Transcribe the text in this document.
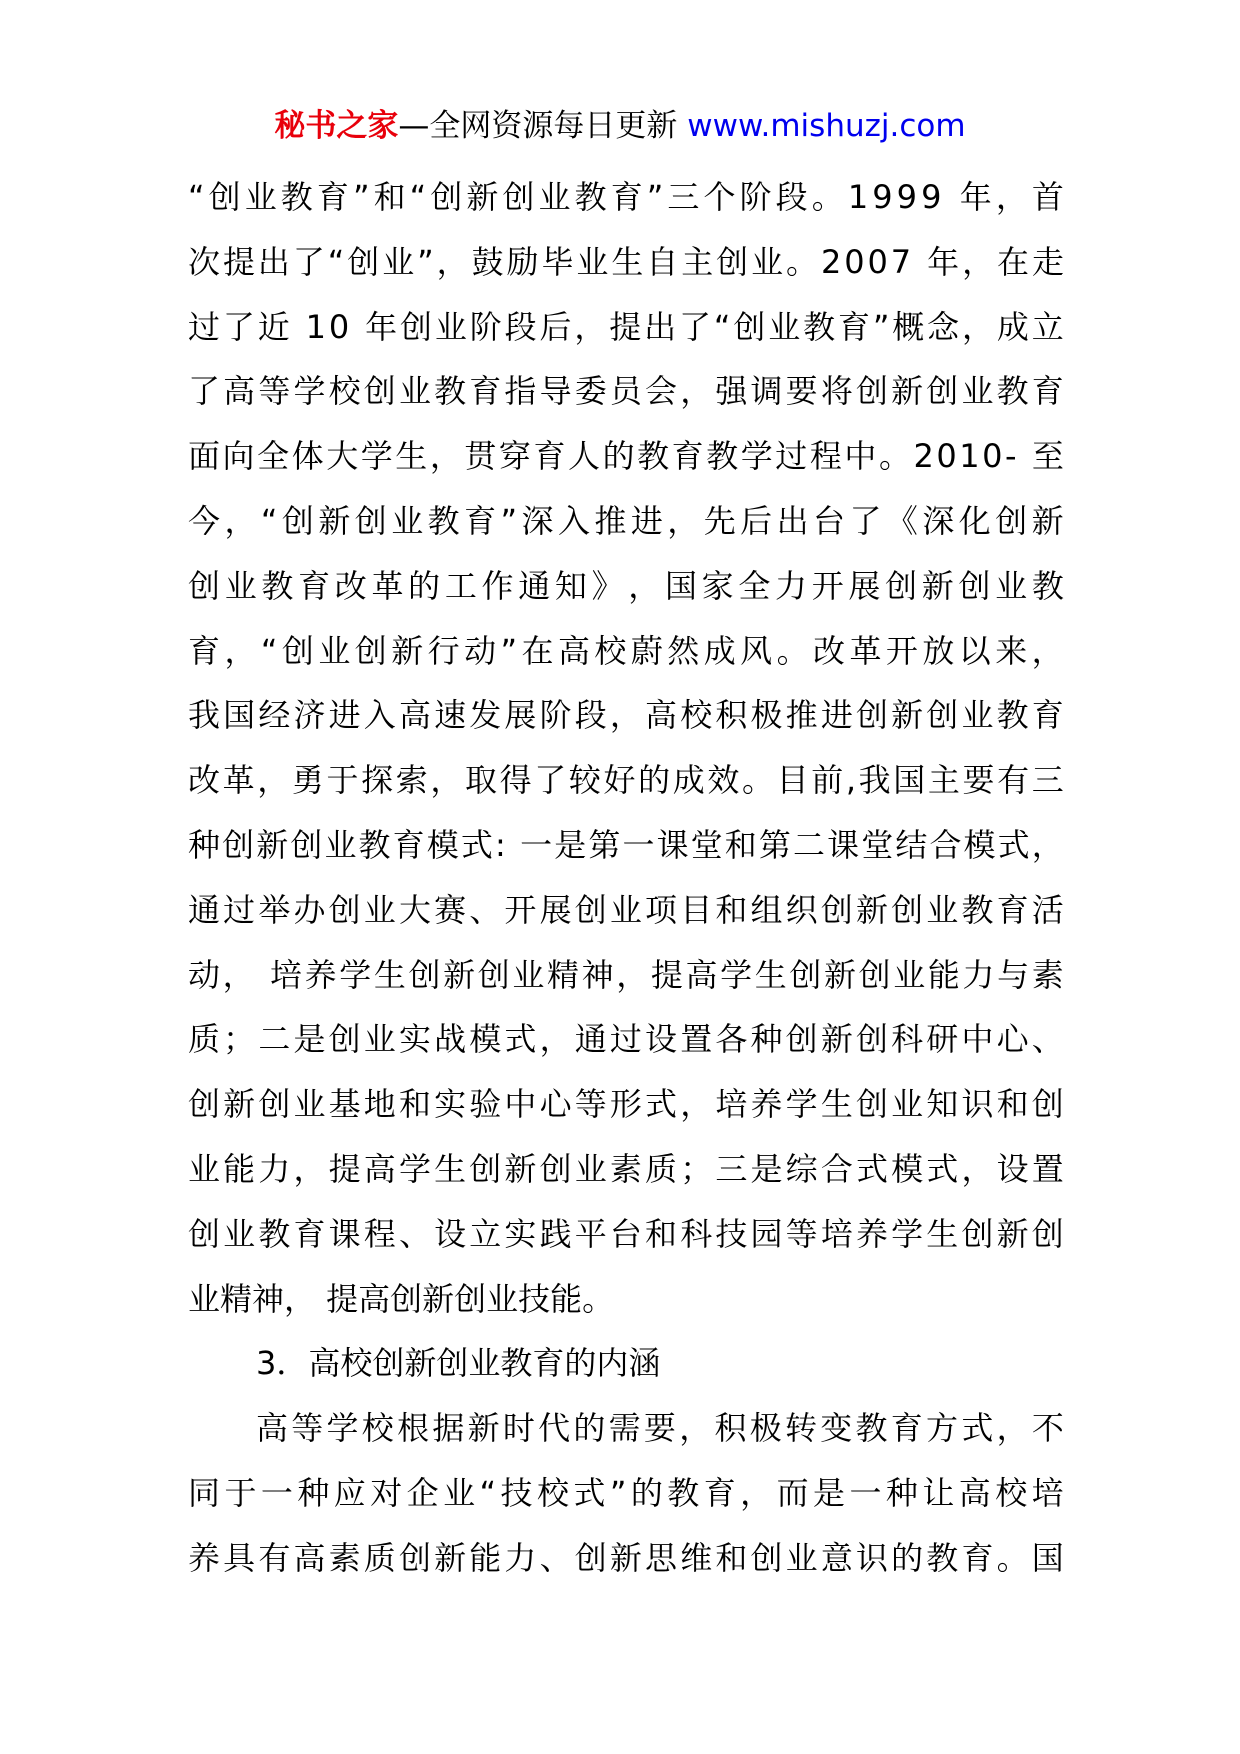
秘书之家—全网资源每日更新 www.mishuzj.com
“ 创 业 教 育 ” 和 “ 创 新 创 业 教 育 ” 三 个 阶 段 。 1 9 9 9
年 ， 首
次 提 出 了 “ 创 业 ” ， 鼓 励 毕 业 生 自 主 创 业 。 2 0 0 7
年 ， 在 走
过 了 近
1 0
年 创 业 阶 段 后 ， 提 出 了 “ 创 业 教 育 ” 概 念 ， 成 立
了 高 等 学 校 创 业 教 育 指 导 委 员 会 ， 强 调 要 将 创 新 创 业 教 育
面 向 全 体 大 学 生 ， 贯 穿 育 人 的 教 育 教 学 过 程 中 。 2 0 1 0 -
至
今 ， “ 创 新 创 业 教 育 ” 深 入 推 进 ， 先 后 出 台 了 《 深 化 创 新
创 业 教 育 改 革 的 工 作 通 知 》 ， 国 家 全 力 开 展 创 新 创 业 教
育 ， “ 创 业 创 新 行 动 ” 在 高 校 蔚 然 成 风 。 改 革 开 放 以 来 ，
我 国 经 济 进 入 高 速 发 展 阶 段 ， 高 校 积 极 推 进 创 新 创 业 教 育
改 革 ， 勇 于 探 索 ， 取 得 了 较 好 的 成 效 。 目 前 , 我 国 主 要 有 三
种 创 新 创 业 教 育 模 式 :
一 是 第 一 课 堂 和 第 二 课 堂 结 合 模 式 ，
通 过 举 办 创 业 大 赛 、 开 展 创 业 项 目 和 组 织 创 新 创 业 教 育 活
动 ，
培 养 学 生 创 新 创 业 精 神 ， 提 高 学 生 创 新 创 业 能 力 与 素
质 ； 二 是 创 业 实 战 模 式 ， 通 过 设 置 各 种 创 新 创 科 研 中 心 、
创 新 创 业 基 地 和 实 验 中 心 等 形 式 ， 培 养 学 生 创 业 知 识 和 创
业 能 力 ， 提 高 学 生 创 新 创 业 素 质 ； 三 是 综 合 式 模 式 ， 设 置
创 业 教 育 课 程 、 设 立 实 践 平 台 和 科 技 园 等 培 养 学 生 创 新 创
业精神， 提高创新创业技能。
3．高校创新创业教育的内涵
高 等 学 校 根 据 新 时 代 的 需 要 ， 积 极 转 变 教 育 方 式 ， 不
同 于 一 种 应 对 企 业 “ 技 校 式 ” 的 教 育 ， 而 是 一 种 让 高 校 培
养 具 有 高 素 质 创 新 能 力 、 创 新 思 维 和 创 业 意 识 的 教 育 。 国
